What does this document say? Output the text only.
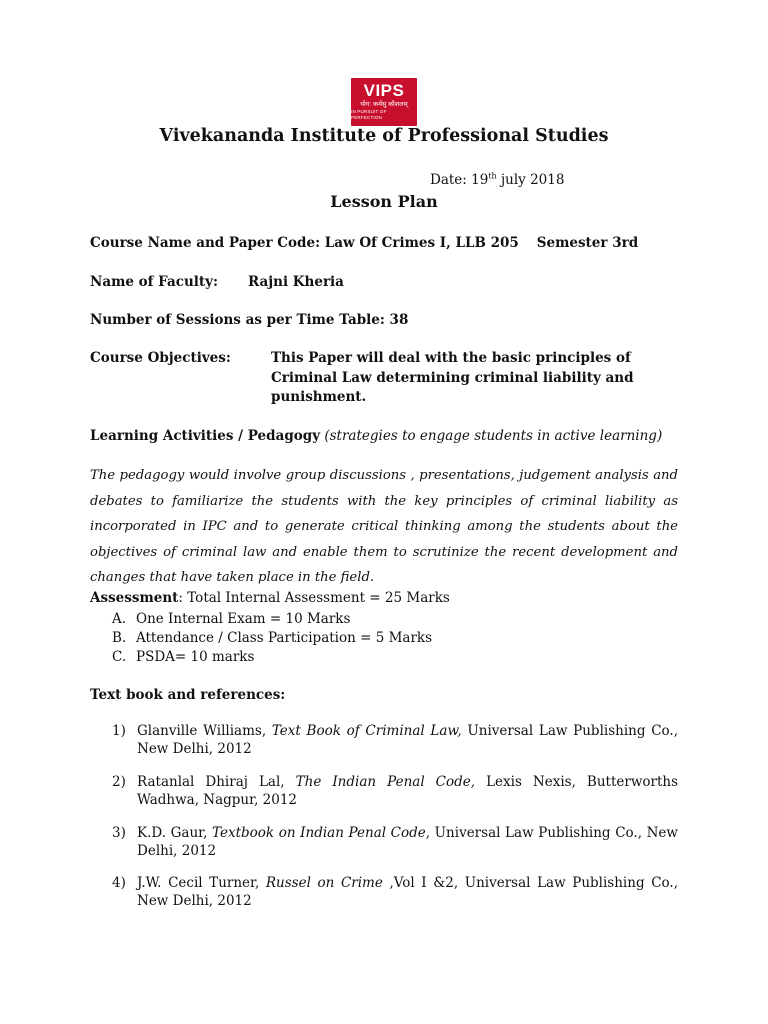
VIPS
योग: कर्मसु कौशलम्
IN PURSUIT OF PERFECTION
Vivekananda Institute of Professional Studies
Date: 19th july 2018
Lesson Plan
Course Name and Paper Code: Law Of Crimes I, LLB 205 Semester 3rd
Name of Faculty: Rajni Kheria
Number of Sessions as per Time Table: 38
Course Objectives:	This Paper will deal with the basic principles of Criminal Law determining criminal liability and punishment.
Learning Activities / Pedagogy (strategies to engage students in active learning)
The pedagogy would involve group discussions , presentations, judgement analysis and debates to familiarize the students with the key principles of criminal liability as incorporated in IPC and to generate critical thinking among the students about the objectives of criminal law and enable them to scrutinize the recent development and changes that have taken place in the field.
Assessment: Total Internal Assessment = 25 Marks
A. One Internal Exam = 10 Marks
B. Attendance / Class Participation = 5 Marks
C. PSDA= 10 marks
Text book and references:
1) Glanville Williams, Text Book of Criminal Law, Universal Law Publishing Co., New Delhi, 2012
2) Ratanlal Dhiraj Lal, The Indian Penal Code, Lexis Nexis, Butterworths Wadhwa, Nagpur, 2012
3) K.D. Gaur, Textbook on Indian Penal Code, Universal Law Publishing Co., New Delhi, 2012
4) J.W. Cecil Turner, Russel on Crime ,Vol I &2, Universal Law Publishing Co., New Delhi, 2012
